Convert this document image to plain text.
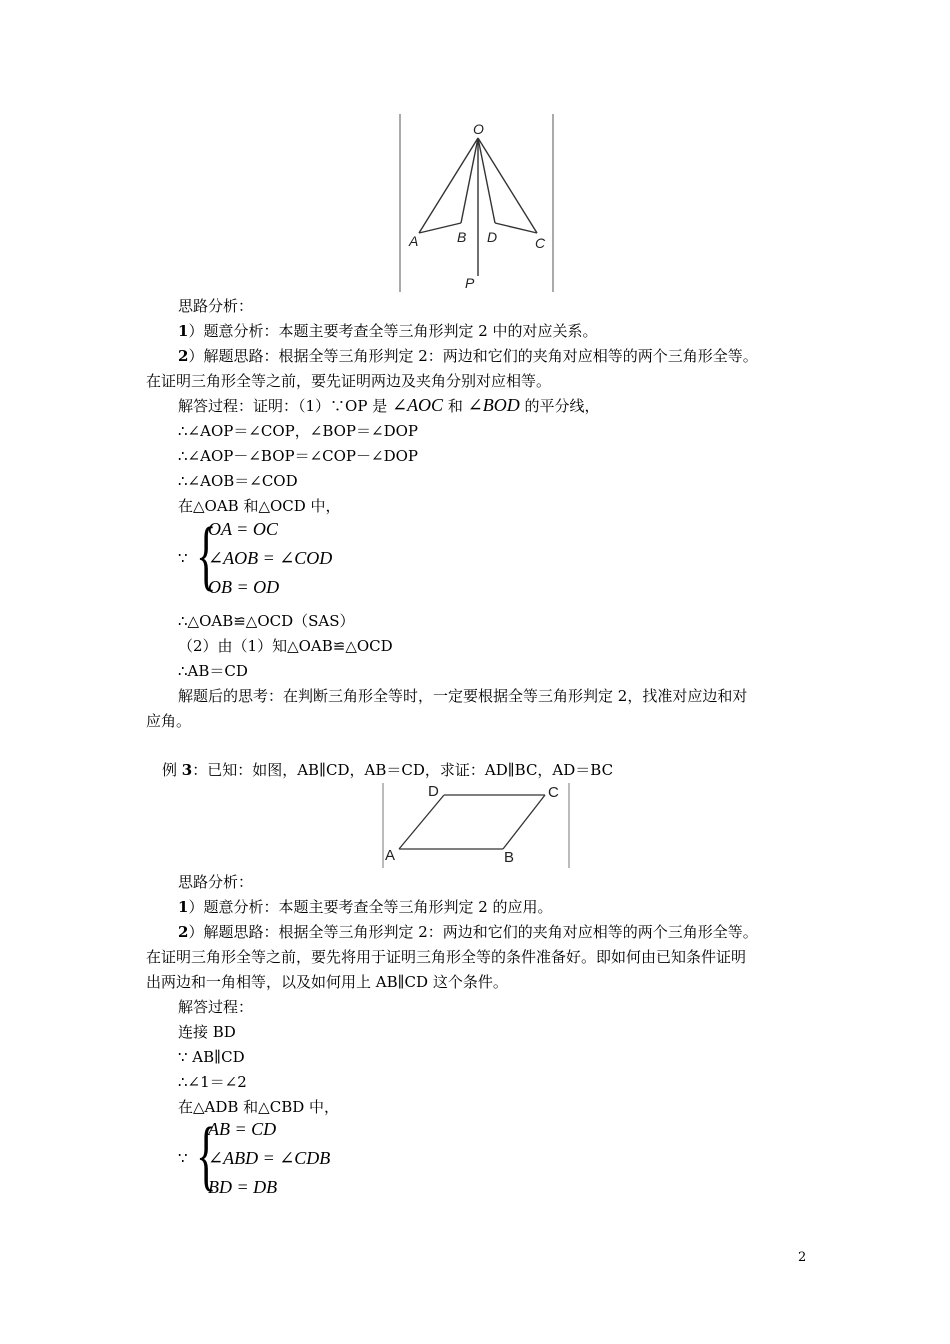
O
A	B D	C
P
思路分析：
1）题意分析：本题主要考查全等三角形判定 2 中的对应关系。
2）解题思路：根据全等三角形判定 2：两边和它们的夹角对应相等的两个三角形全等。
在证明三角形全等之前，要先证明两边及夹角分别对应相等。
解答过程：证明：（1）∵OP 是 ∠AOC 和 ∠BOD 的平分线，
∴∠AOP＝∠COP，∠BOP＝∠DOP
∴∠AOP－∠BOP＝∠COP－∠DOP
∴∠AOB＝∠COD
在△OAB 和△OCD 中，
∵ {
OA = OC
∠AOB = ∠COD
OB = OD
∴△OAB≌△OCD（SAS）
（2）由（1）知△OAB≌△OCD
∴AB＝CD
解题后的思考：在判断三角形全等时，一定要根据全等三角形判定 2，找准对应边和对
应角。
例 3：已知：如图，AB∥CD，AB＝CD，求证：AD∥BC，AD＝BC
D	C
A	B
思路分析：
1）题意分析：本题主要考查全等三角形判定 2 的应用。
2）解题思路：根据全等三角形判定 2：两边和它们的夹角对应相等的两个三角形全等。
在证明三角形全等之前，要先将用于证明三角形全等的条件准备好。即如何由已知条件证明
出两边和一角相等，以及如何用上 AB∥CD 这个条件。
解答过程：
连接 BD
∵ AB∥CD
∴∠1＝∠2
在△ADB 和△CBD 中，
∵ {
AB = CD
∠ABD = ∠CDB
BD = DB
2
